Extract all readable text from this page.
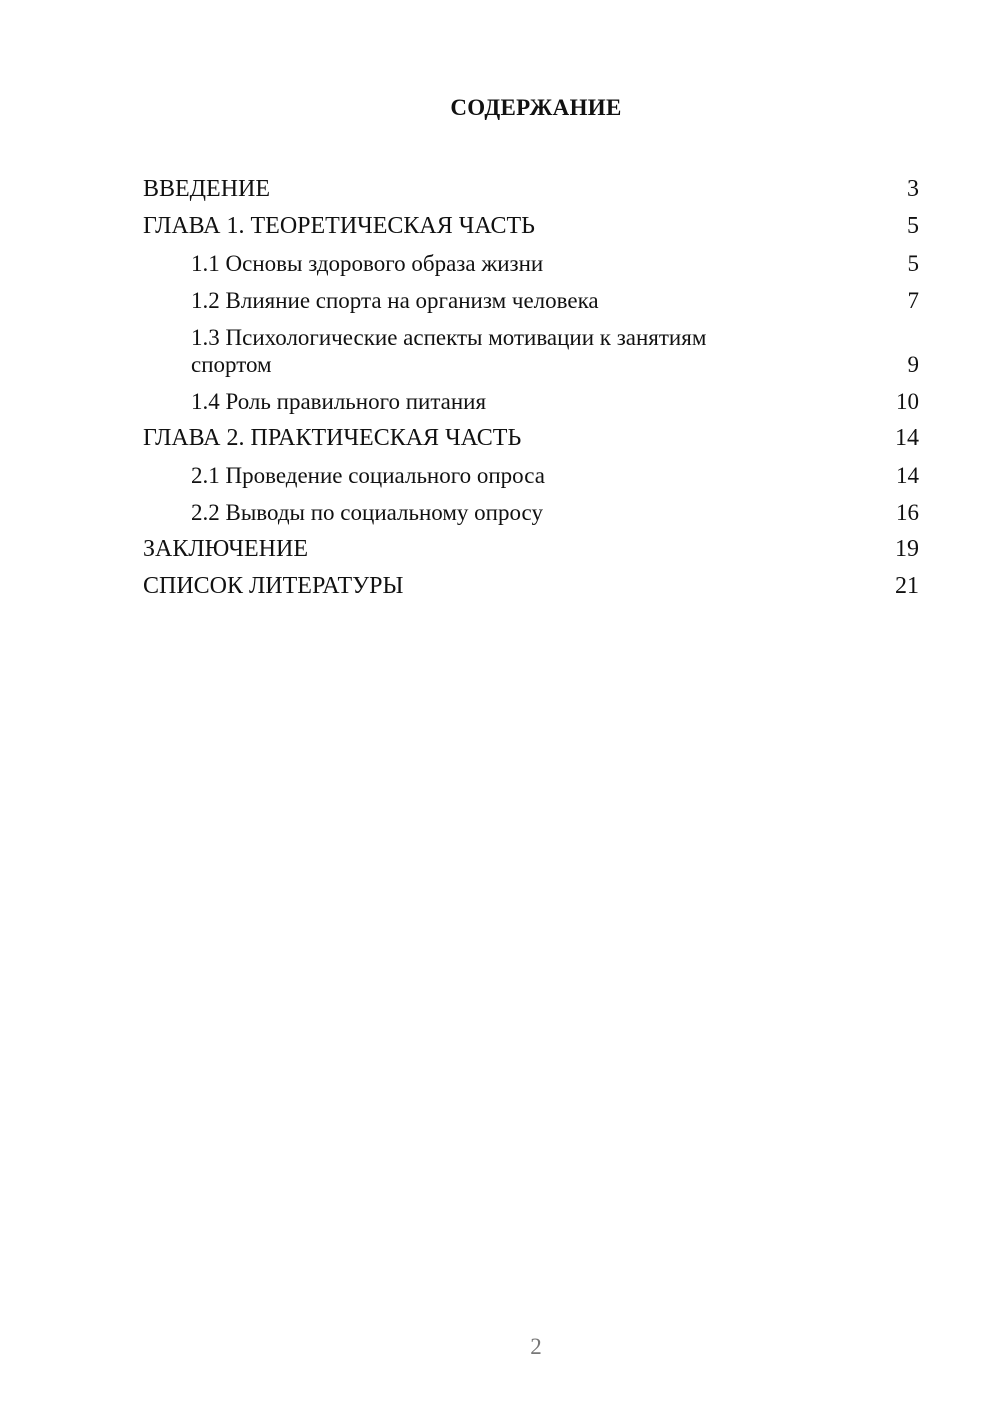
СОДЕРЖАНИЕ
ВВЕДЕНИЕ	3
ГЛАВА 1. ТЕОРЕТИЧЕСКАЯ ЧАСТЬ	5
1.1 Основы здорового образа жизни	5
1.2 Влияние спорта на организм человека	7
1.3 Психологические аспекты мотивации к занятиям спортом	9
1.4 Роль правильного питания	10
ГЛАВА 2. ПРАКТИЧЕСКАЯ ЧАСТЬ	14
2.1 Проведение социального опроса	14
2.2 Выводы по социальному опросу	16
ЗАКЛЮЧЕНИЕ	19
СПИСОК ЛИТЕРАТУРЫ	21
2
